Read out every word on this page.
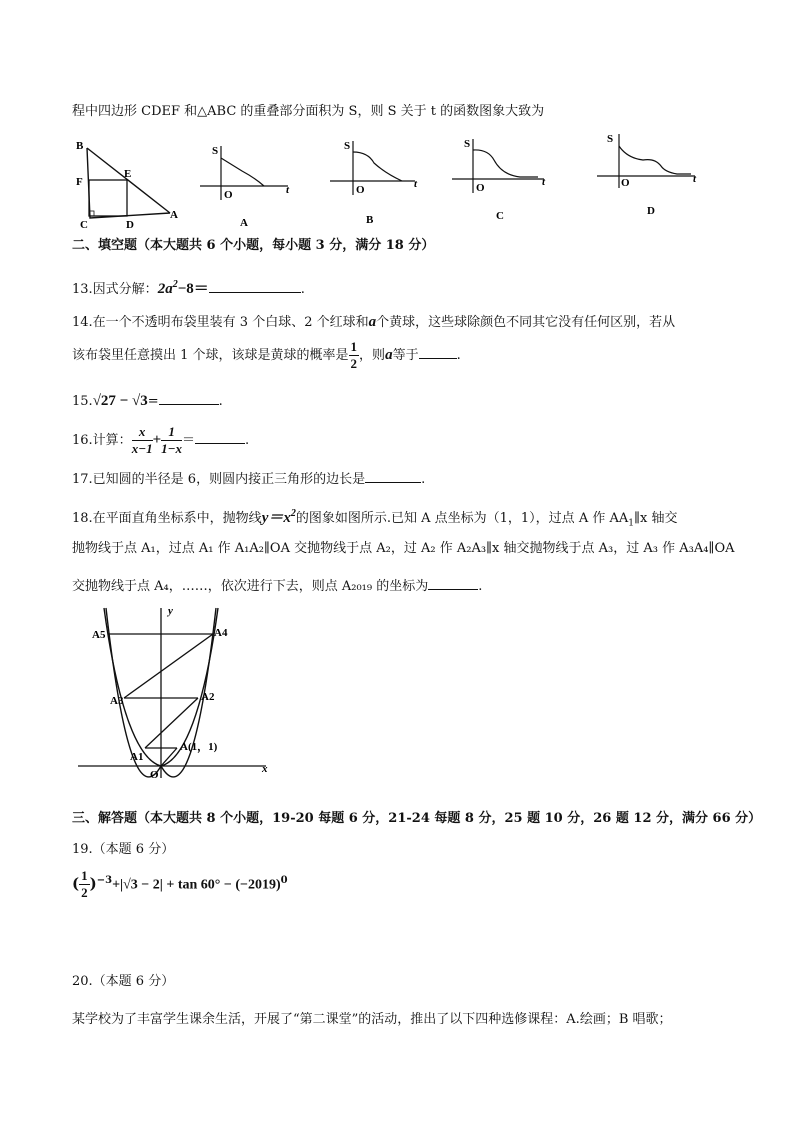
程中四边形 CDEF 和△ABC 的重叠部分面积为 S，则 S 关于 t 的函数图象大致为
B
F
E
C	D
A
S
O	t
A
S
O	t
B
S
O	t
C
S
O	t
D
二、填空题（本大题共 6 个小题，每小题 3 分，满分 18 分）
13.因式分解：$2a^2-8=$	.
14.在一个不透明布袋里装有 3 个白球、2 个红球和a个黄球，这些球除颜色不同其它没有任何区别，若从
该布袋里任意摸出 1 个球，该球是黄球的概率是 $\frac{1}{2}$ ，则a等于	.
15.√27 − √3=	.
16.计算： $\frac{x}{x-1} + \frac{1}{1-x}$ ＝	.
17.已知圆的半径是 6，则圆内接正三角形的边长是	.
18.在平面直角坐标系中，抛物线$y=x^2$的图象如图所示.已知 A 点坐标为（1，1），过点 A 作 $AA_1\parallel x$ 轴交
抛物线于点 A₁，过点 A₁ 作 A₁A₂∥OA 交抛物线于点 A₂，过 A₂ 作 A₂A₃∥x 轴交抛物线于点 A₃，过 A₃ 作 A₃A₄∥OA
交抛物线于点 A₄，……，依次进行下去，则点 A₂₀₁₉ 的坐标为	.
A5	A4
A3	A2
A1
A(1，1)
O
y
x
三、解答题（本大题共 8 个小题，19-20 每题 6 分，21-24 每题 8 分，25 题 10 分，26 题 12 分，满分 66 分）
19.（本题 6 分）
( $\frac{1}{2} )^{-3}+|√3 - 2| + \tan 60^\circ - (-2019)^0$
20.（本题 6 分）
某学校为了丰富学生课余生活，开展了“第二课堂”的活动，推出了以下四种选修课程：A.绘画；B 唱歌；
